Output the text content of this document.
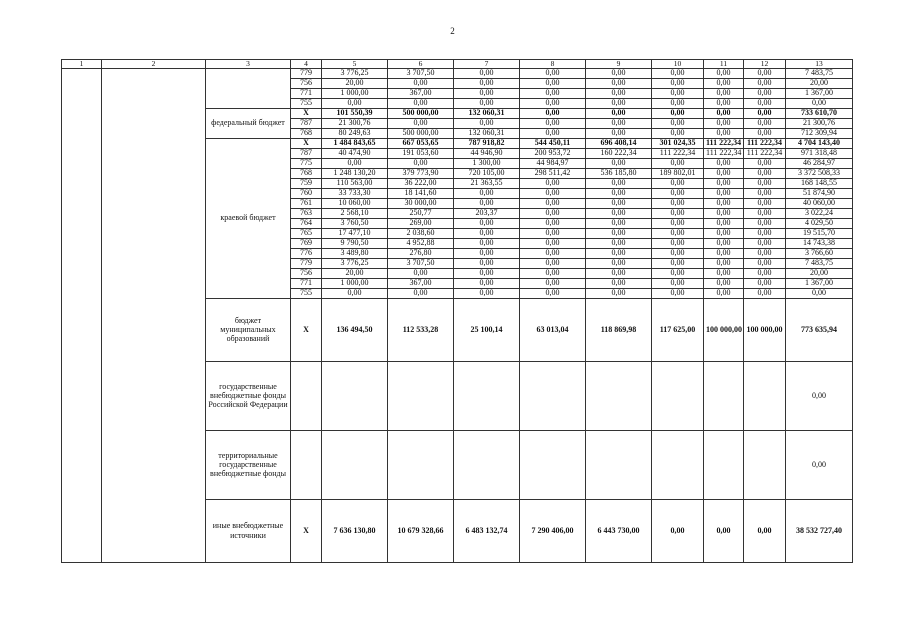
2
1	2	3	4	5	6	7	8	9	10	11	12	13
			779	3 776,25	3 707,50	0,00	0,00	0,00	0,00	0,00	0,00	7 483,75
			756	20,00	0,00	0,00	0,00	0,00	0,00	0,00	0,00	20,00
			771	1 000,00	367,00	0,00	0,00	0,00	0,00	0,00	0,00	1 367,00
			755	0,00	0,00	0,00	0,00	0,00	0,00	0,00	0,00	0,00
		федеральный бюджет	X	101 550,39	500 000,00	132 060,31	0,00	0,00	0,00	0,00	0,00	733 610,70
			787	21 300,76	0,00	0,00	0,00	0,00	0,00	0,00	0,00	21 300,76
			768	80 249,63	500 000,00	132 060,31	0,00	0,00	0,00	0,00	0,00	712 309,94
		краевой бюджет	X	1 484 843,65	667 053,65	787 918,82	544 450,11	696 408,14	301 024,35	111 222,34	111 222,34	4 704 143,40
			787	40 474,90	191 053,60	44 946,90	200 953,72	160 222,34	111 222,34	111 222,34	111 222,34	971 318,48
			775	0,00	0,00	1 300,00	44 984,97	0,00	0,00	0,00	0,00	46 284,97
			768	1 248 130,20	379 773,90	720 105,00	298 511,42	536 185,80	189 802,01	0,00	0,00	3 372 508,33
			759	110 563,00	36 222,00	21 363,55	0,00	0,00	0,00	0,00	0,00	168 148,55
			760	33 733,30	18 141,60	0,00	0,00	0,00	0,00	0,00	0,00	51 874,90
			761	10 060,00	30 000,00	0,00	0,00	0,00	0,00	0,00	0,00	40 060,00
			763	2 568,10	250,77	203,37	0,00	0,00	0,00	0,00	0,00	3 022,24
			764	3 760,50	269,00	0,00	0,00	0,00	0,00	0,00	0,00	4 029,50
			765	17 477,10	2 038,60	0,00	0,00	0,00	0,00	0,00	0,00	19 515,70
			769	9 790,50	4 952,88	0,00	0,00	0,00	0,00	0,00	0,00	14 743,38
			776	3 489,80	276,80	0,00	0,00	0,00	0,00	0,00	0,00	3 766,60
			779	3 776,25	3 707,50	0,00	0,00	0,00	0,00	0,00	0,00	7 483,75
			756	20,00	0,00	0,00	0,00	0,00	0,00	0,00	0,00	20,00
			771	1 000,00	367,00	0,00	0,00	0,00	0,00	0,00	0,00	1 367,00
			755	0,00	0,00	0,00	0,00	0,00	0,00	0,00	0,00	0,00
		бюджет муниципальных образований	X	136 494,50	112 533,28	25 100,14	63 013,04	118 869,98	117 625,00	100 000,00	100 000,00	773 635,94
		государственные внебюджетные фонды Российской Федерации										0,00
		территориальные государственные внебюджетные фонды										0,00
		иные внебюджетные источники	X	7 636 130,80	10 679 328,66	6 483 132,74	7 290 406,00	6 443 730,00	0,00	0,00	0,00	38 532 727,40
